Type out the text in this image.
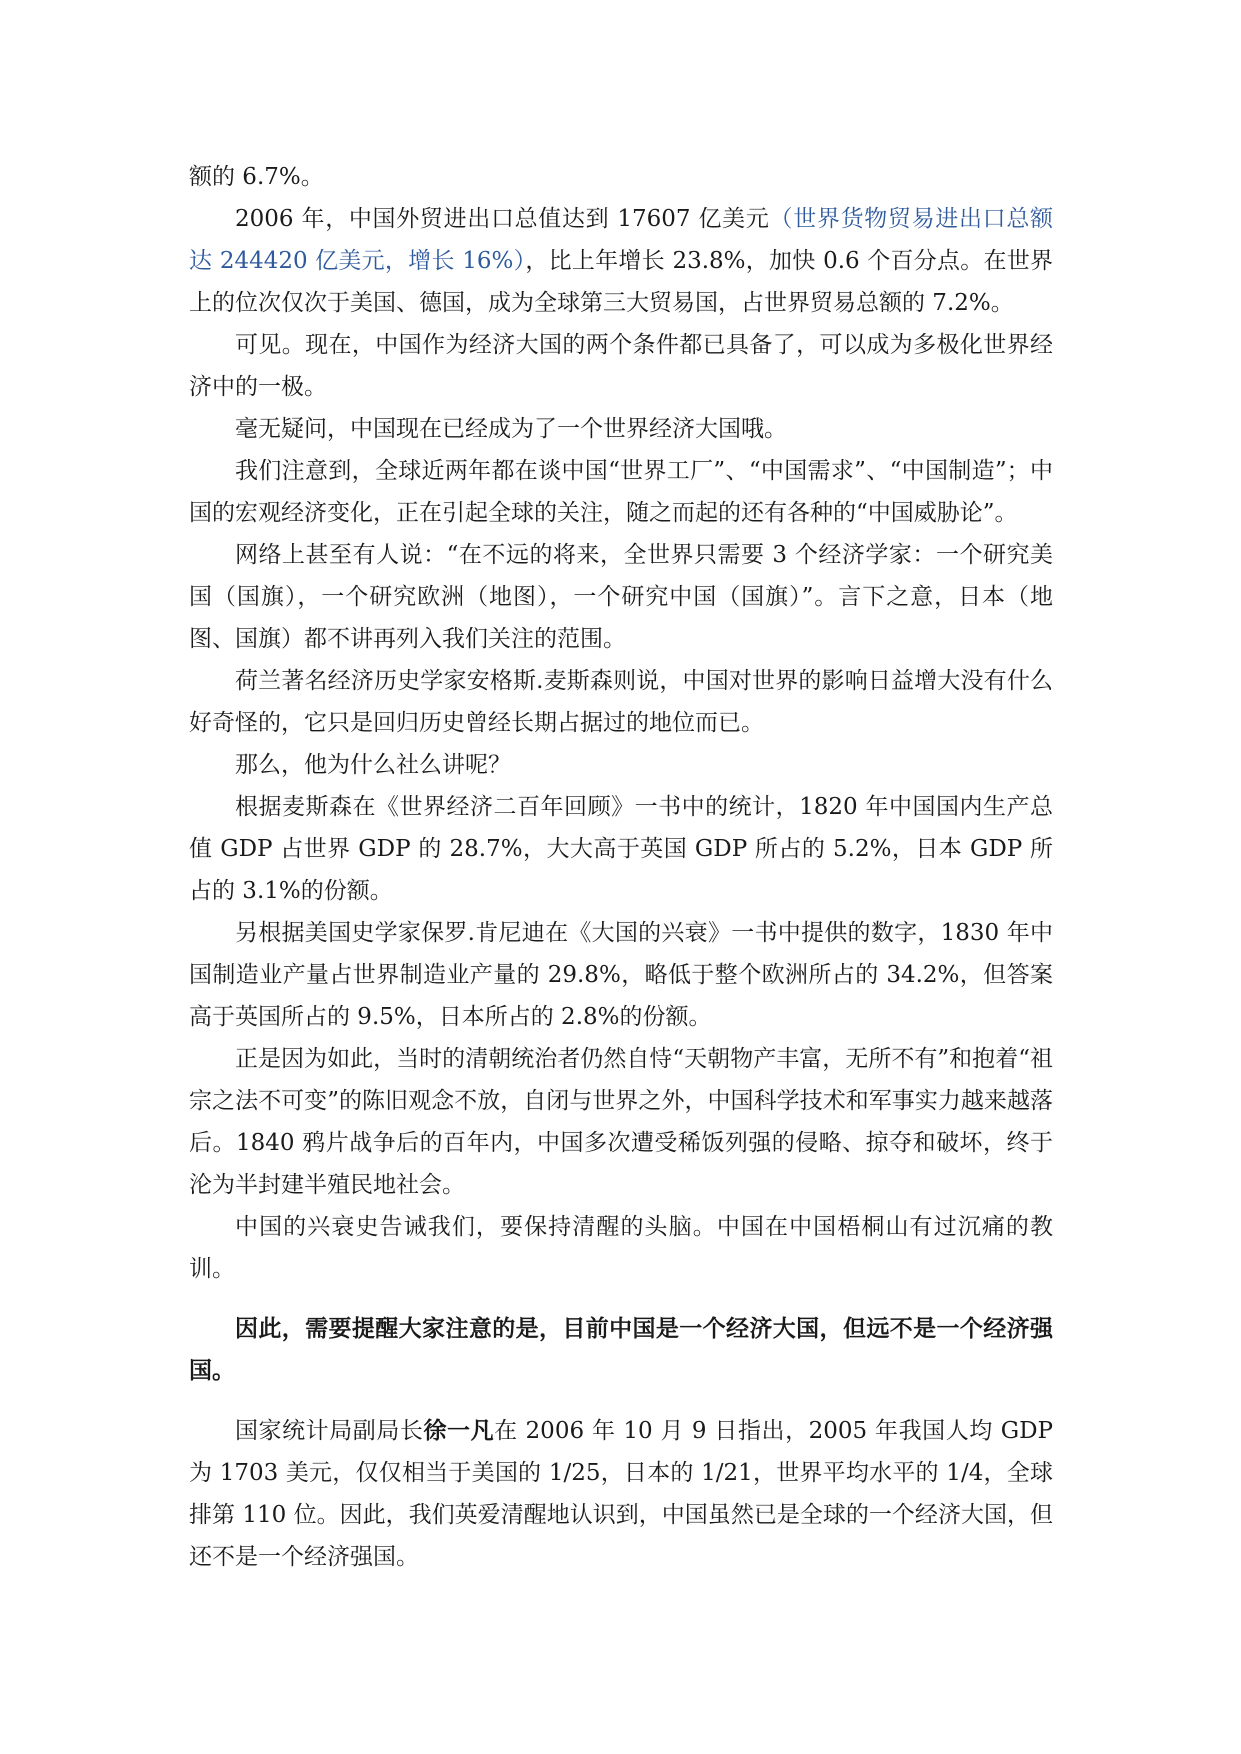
额的 6.7%。

2006 年，中国外贸进出口总值达到 17607 亿美元（世界货物贸易进出口总额达 244420 亿美元，增长 16%），比上年增长 23.8%，加快 0.6 个百分点。在世界上的位次仅次于美国、德国，成为全球第三大贸易国，占世界贸易总额的 7.2%。

可见。现在，中国作为经济大国的两个条件都已具备了，可以成为多极化世界经济中的一极。

毫无疑问，中国现在已经成为了一个世界经济大国哦。

我们注意到，全球近两年都在谈中国“世界工厂”、“中国需求”、“中国制造”；中国的宏观经济变化，正在引起全球的关注，随之而起的还有各种的“中国威胁论”。

网络上甚至有人说：“在不远的将来，全世界只需要 3 个经济学家：一个研究美国（国旗），一个研究欧洲（地图），一个研究中国（国旗）”。言下之意，日本（地图、国旗）都不讲再列入我们关注的范围。

荷兰著名经济历史学家安格斯.麦斯森则说，中国对世界的影响日益增大没有什么好奇怪的，它只是回归历史曾经长期占据过的地位而已。

那么，他为什么社么讲呢？

根据麦斯森在《世界经济二百年回顾》一书中的统计，1820 年中国国内生产总值 GDP 占世界 GDP 的 28.7%，大大高于英国 GDP 所占的 5.2%，日本 GDP 所占的 3.1%的份额。

另根据美国史学家保罗.肯尼迪在《大国的兴衰》一书中提供的数字，1830 年中国制造业产量占世界制造业产量的 29.8%，略低于整个欧洲所占的 34.2%，但答案高于英国所占的 9.5%，日本所占的 2.8%的份额。

正是因为如此，当时的清朝统治者仍然自恃“天朝物产丰富，无所不有”和抱着“祖宗之法不可变”的陈旧观念不放，自闭与世界之外，中国科学技术和军事实力越来越落后。1840 鸦片战争后的百年内，中国多次遭受稀饭列强的侵略、掠夺和破坏，终于沦为半封建半殖民地社会。

中国的兴衰史告诫我们，要保持清醒的头脑。中国在中国梧桐山有过沉痛的教训。

因此，需要提醒大家注意的是，目前中国是一个经济大国，但远不是一个经济强国。

国家统计局副局长徐一凡在 2006 年 10 月 9 日指出，2005 年我国人均 GDP 为 1703 美元，仅仅相当于美国的 1/25，日本的 1/21，世界平均水平的 1/4，全球排第 110 位。因此，我们英爱清醒地认识到，中国虽然已是全球的一个经济大国，但还不是一个经济强国。
